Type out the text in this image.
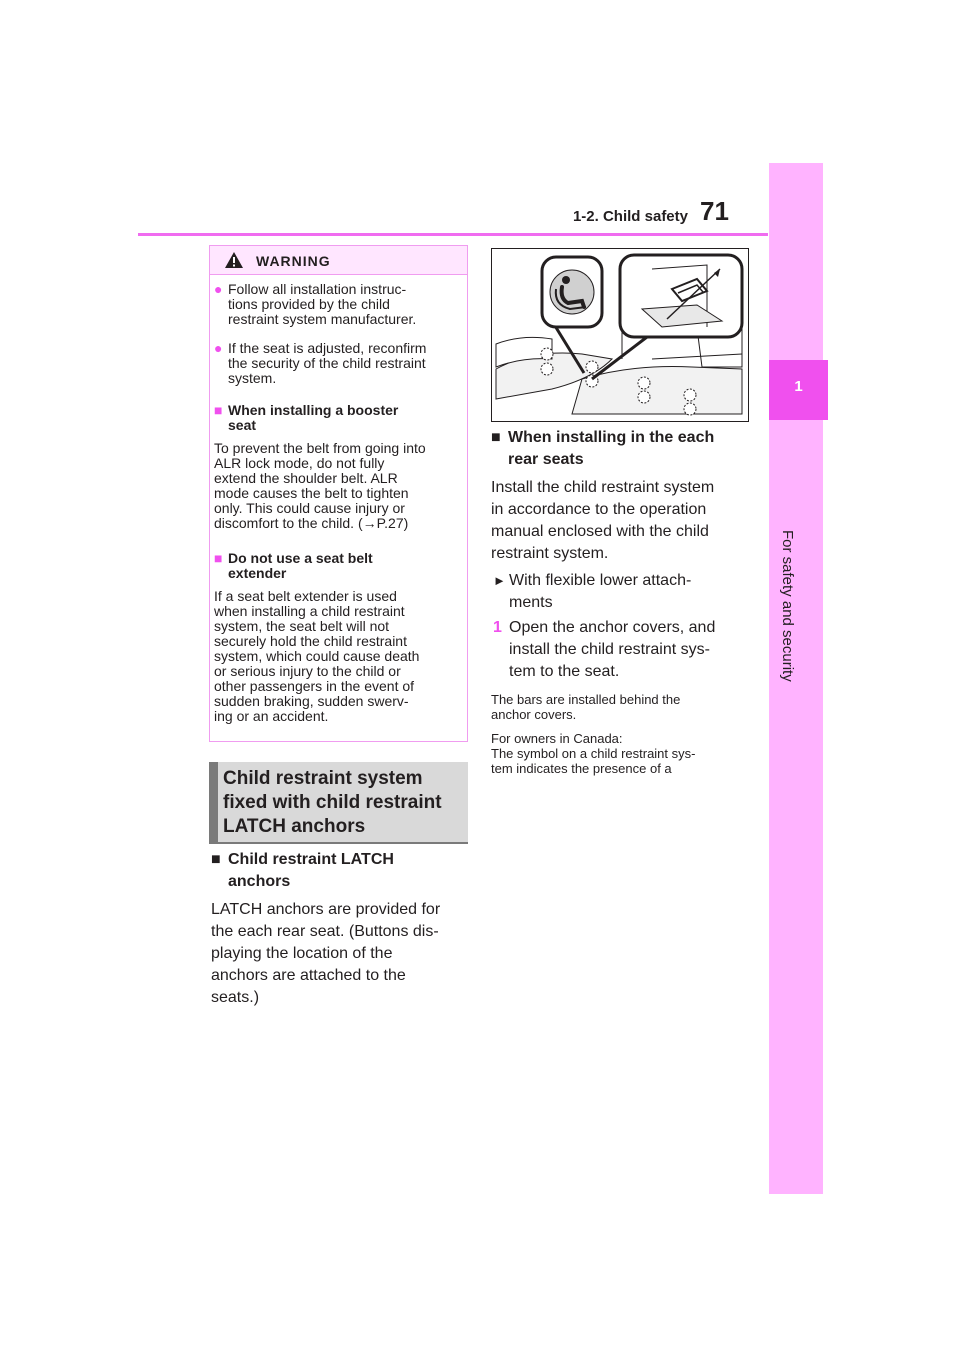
1-2. Child safety 71
1
For safety and security
WARNING
● Follow all installation instruc-
tions provided by the child
restraint system manufacturer.
● If the seat is adjusted, reconfirm
the security of the child restraint
system.
■ When installing a booster
seat
To prevent the belt from going into
ALR lock mode, do not fully
extend the shoulder belt. ALR
mode causes the belt to tighten
only. This could cause injury or
discomfort to the child. (→P.27)
■ Do not use a seat belt
extender
If a seat belt extender is used
when installing a child restraint
system, the seat belt will not
securely hold the child restraint
system, which could cause death
or serious injury to the child or
other passengers in the event of
sudden braking, sudden swerv-
ing or an accident.
Child restraint system
fixed with child restraint
LATCH anchors
■ Child restraint LATCH
anchors
LATCH anchors are provided for
the each rear seat. (Buttons dis-
playing the location of the
anchors are attached to the
seats.)
■ When installing in the each
rear seats
Install the child restraint system
in accordance to the operation
manual enclosed with the child
restraint system.
► With flexible lower attach-
ments
1 Open the anchor covers, and
install the child restraint sys-
tem to the seat.
The bars are installed behind the
anchor covers.
For owners in Canada:
The symbol on a child restraint sys-
tem indicates the presence of a
